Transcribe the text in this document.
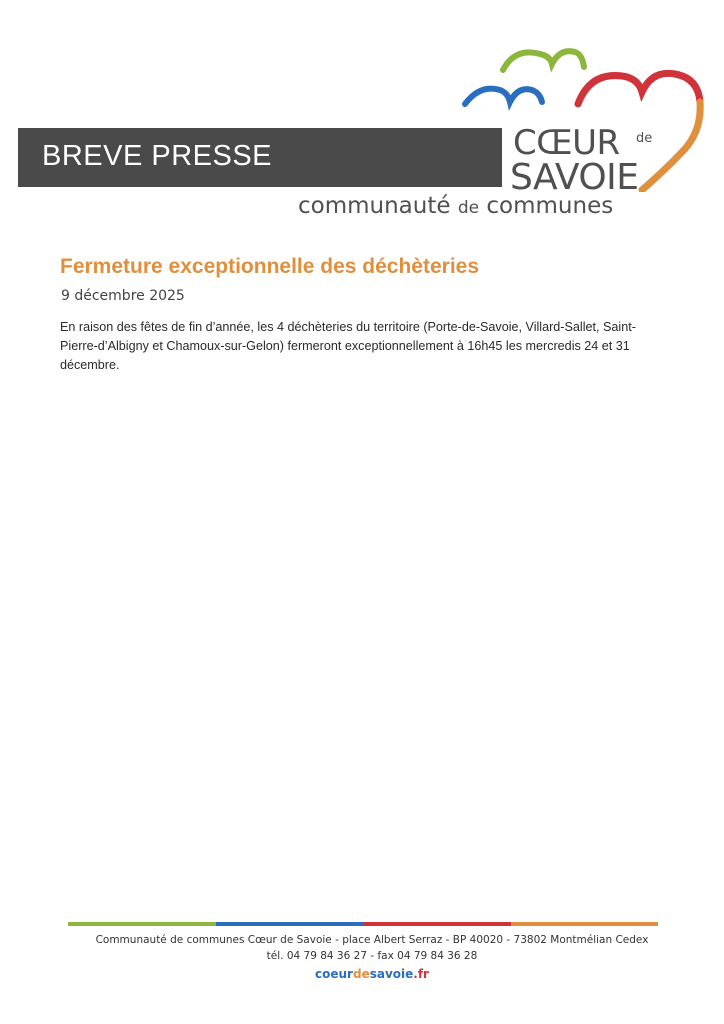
BREVE PRESSE	CŒUR de
SAVOIE
communauté de communes
Fermeture exceptionnelle des déchèteries
9 décembre 2025
En raison des fêtes de fin d’année, les 4 déchèteries du territoire (Porte-de-Savoie, Villard-Sallet, Saint-Pierre-d’Albigny et Chamoux-sur-Gelon) fermeront exceptionnellement à 16h45 les mercredis 24 et 31 décembre.
Communauté de communes Cœur de Savoie - place Albert Serraz - BP 40020 - 73802 Montmélian Cedex
tél. 04 79 84 36 27 - fax 04 79 84 36 28
coeurdesavoie.fr
